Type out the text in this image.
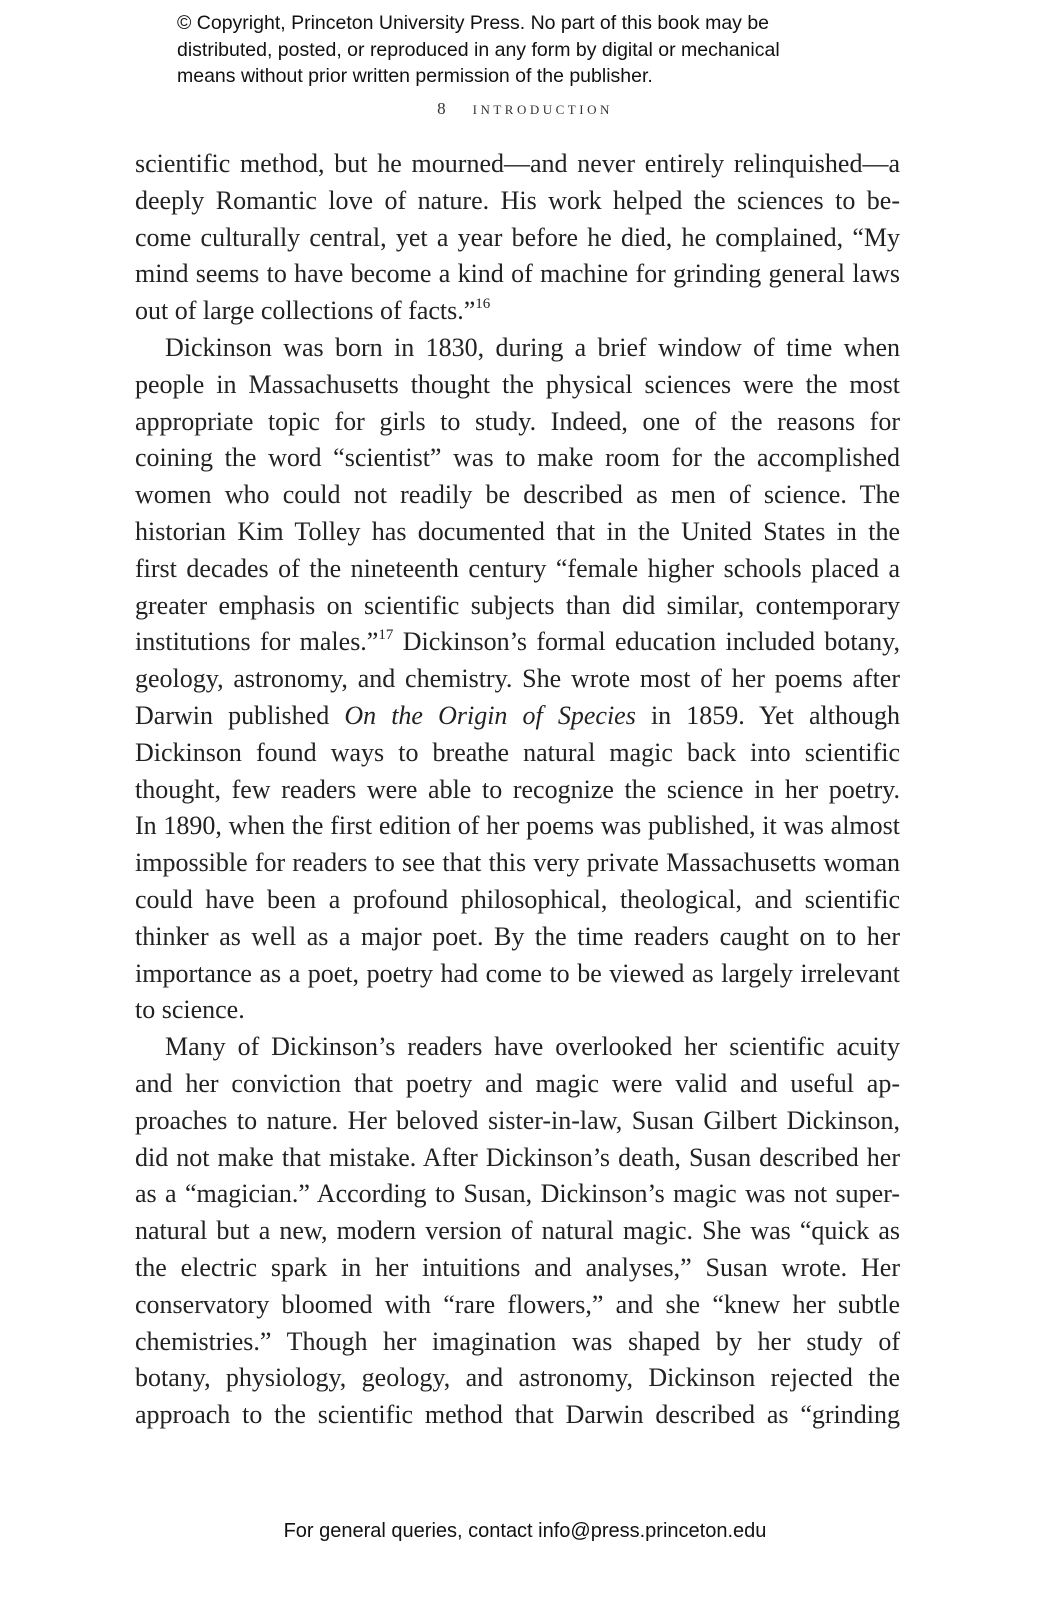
© Copyright, Princeton University Press. No part of this book may be
distributed, posted, or reproduced in any form by digital or mechanical
means without prior written permission of the publisher.
8 introduction
scientific method, but he mourned—and never entirely relinquished—a
deeply Romantic love of nature. His work helped the sciences to be-
come culturally central, yet a year before he died, he complained, “My
mind seems to have become a kind of machine for grinding general laws
out of large collections of facts.”$^{16}$
Dickinson was born in 1830, during a brief window of time when
people in Massachusetts thought the physical sciences were the most
appropriate topic for girls to study. Indeed, one of the reasons for
coining the word “scientist” was to make room for the accomplished
women who could not readily be described as men of science. The
historian Kim Tolley has documented that in the United States in the
first decades of the nineteenth century “female higher schools placed a
greater emphasis on scientific subjects than did similar, contemporary
institutions for males.”$^{17}$ Dickinson’s formal education included botany,
geology, astronomy, and chemistry. She wrote most of her poems after
Darwin published On the Origin of Species in 1859. Yet although
Dickinson found ways to breathe natural magic back into scientific
thought, few readers were able to recognize the science in her poetry.
In 1890, when the first edition of her poems was published, it was almost
impossible for readers to see that this very private Massachusetts woman
could have been a profound philosophical, theological, and scientific
thinker as well as a major poet. By the time readers caught on to her
importance as a poet, poetry had come to be viewed as largely irrelevant
to science.
Many of Dickinson’s readers have overlooked her scientific acuity
and her conviction that poetry and magic were valid and useful ap-
proaches to nature. Her beloved sister-in-law, Susan Gilbert Dickinson,
did not make that mistake. After Dickinson’s death, Susan described her
as a “magician.” According to Susan, Dickinson’s magic was not super-
natural but a new, modern version of natural magic. She was “quick as
the electric spark in her intuitions and analyses,” Susan wrote. Her
conservatory bloomed with “rare flowers,” and she “knew her subtle
chemistries.” Though her imagination was shaped by her study of
botany, physiology, geology, and astronomy, Dickinson rejected the
approach to the scientific method that Darwin described as “grinding
For general queries, contact info@press.princeton.edu
